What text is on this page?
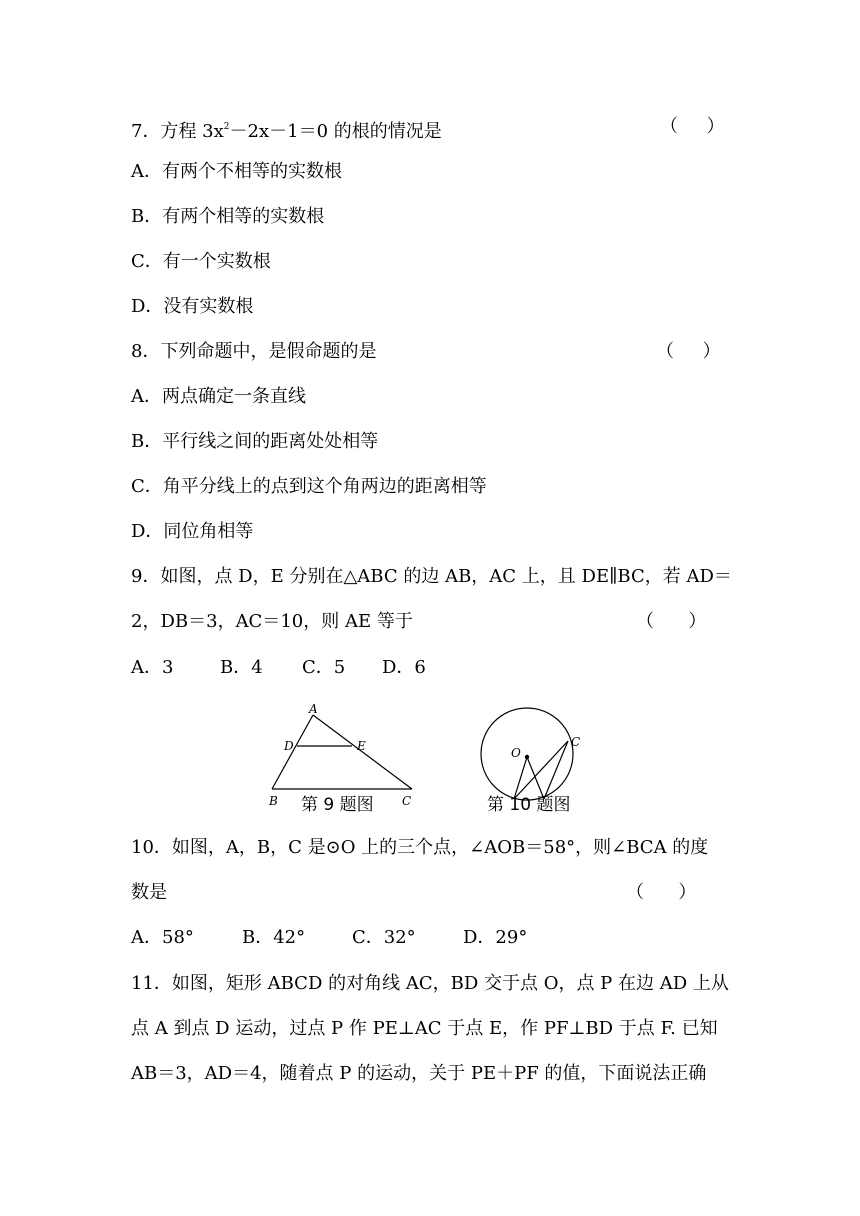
7．方程 $3x^2-2x-1=0$ 的根的情况是	（     ）
A．有两个不相等的实数根
B．有两个相等的实数根
C．有一个实数根
D．没有实数根
8．下列命题中，是假命题的是	（     ）
A．两点确定一条直线
B．平行线之间的距离处处相等
C．角平分线上的点到这个角两边的距离相等
D．同位角相等
9．如图，点 D，E 分别在△ABC 的边 AB，AC 上，且 DE∥BC，若 AD＝
2，DB＝3，AC＝10，则 AE 等于	（      ）
A．3	B．4 C．5 D．6
A
D	E
B	C
第 9 题图
O
C
第 10 题图
10．如图，A，B，C 是⊙O 上的三个点，∠AOB＝58°，则∠BCA 的度
数是	（      ）
A．58°	B．42°	C．32°	D．29°
11．如图，矩形 ABCD 的对角线 AC，BD 交于点 O，点 P 在边 AD 上从
点 A 到点 D 运动，过点 P 作 PE⊥AC 于点 E，作 PF⊥BD 于点 F. 已知
AB＝3，AD＝4，随着点 P 的运动，关于 PE＋PF 的值，下面说法正确
